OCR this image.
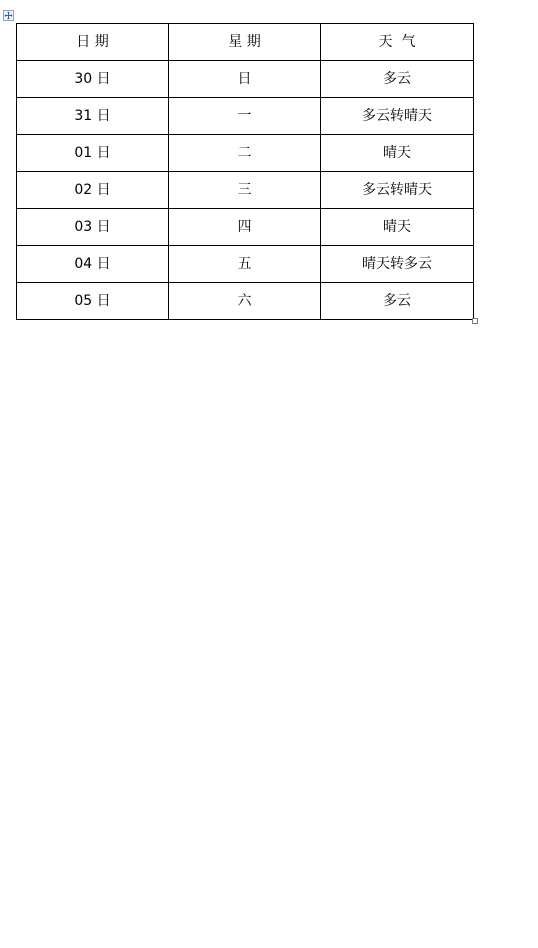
日 期	星 期	天  气
30 日	日	多云
31 日	一	多云转晴天
01 日	二	晴天
02 日	三	多云转晴天
03 日	四	晴天
04 日	五	晴天转多云
05 日	六	多云
